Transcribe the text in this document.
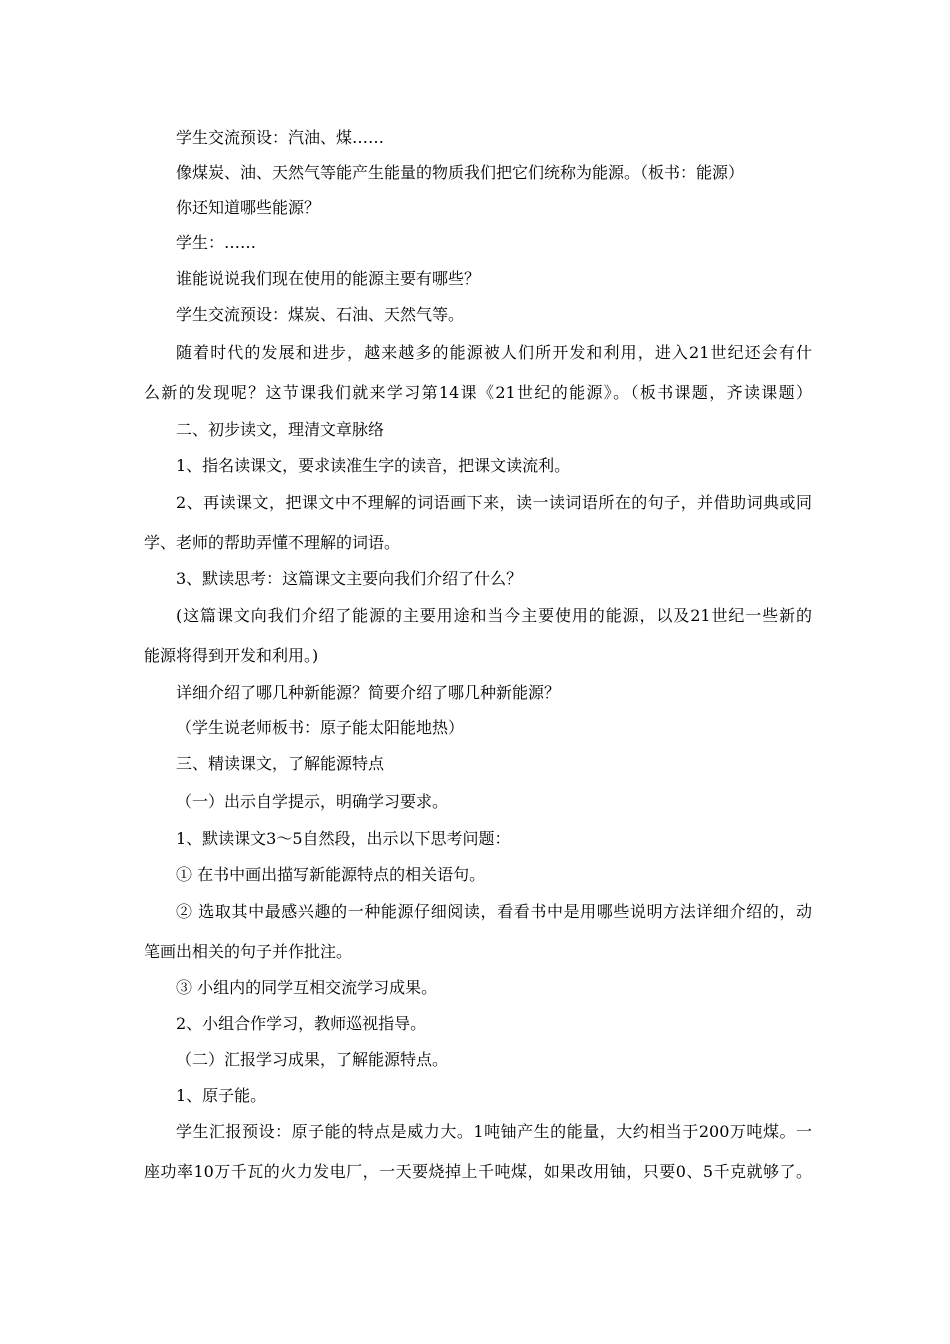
学生交流预设：汽油、煤……
像煤炭、油、天然气等能产生能量的物质我们把它们统称为能源。（板书：能源）
你还知道哪些能源？
学生：……
谁能说说我们现在使用的能源主要有哪些？
学生交流预设：煤炭、石油、天然气等。
随着时代的发展和进步，越来越多的能源被人们所开发和利用，进入21世纪还会有什
么新的发现呢？这节课我们就来学习第14课《21世纪的能源》。（板书课题，齐读课题）
二、初步读文，理清文章脉络
1、指名读课文，要求读准生字的读音，把课文读流利。
2、再读课文，把课文中不理解的词语画下来，读一读词语所在的句子，并借助词典或同
学、老师的帮助弄懂不理解的词语。
3、默读思考：这篇课文主要向我们介绍了什么？
(这篇课文向我们介绍了能源的主要用途和当今主要使用的能源，以及21世纪一些新的
能源将得到开发和利用。)
详细介绍了哪几种新能源？简要介绍了哪几种新能源？
（学生说老师板书：原子能太阳能地热）
三、精读课文，了解能源特点
（一）出示自学提示，明确学习要求。
1、默读课文3～5自然段，出示以下思考问题：
① 在书中画出描写新能源特点的相关语句。
② 选取其中最感兴趣的一种能源仔细阅读，看看书中是用哪些说明方法详细介绍的，动
笔画出相关的句子并作批注。
③ 小组内的同学互相交流学习成果。
2、小组合作学习，教师巡视指导。
（二）汇报学习成果，了解能源特点。
1、原子能。
学生汇报预设：原子能的特点是威力大。1吨铀产生的能量，大约相当于200万吨煤。一
座功率10万千瓦的火力发电厂，一天要烧掉上千吨煤，如果改用铀，只要0、5千克就够了。
